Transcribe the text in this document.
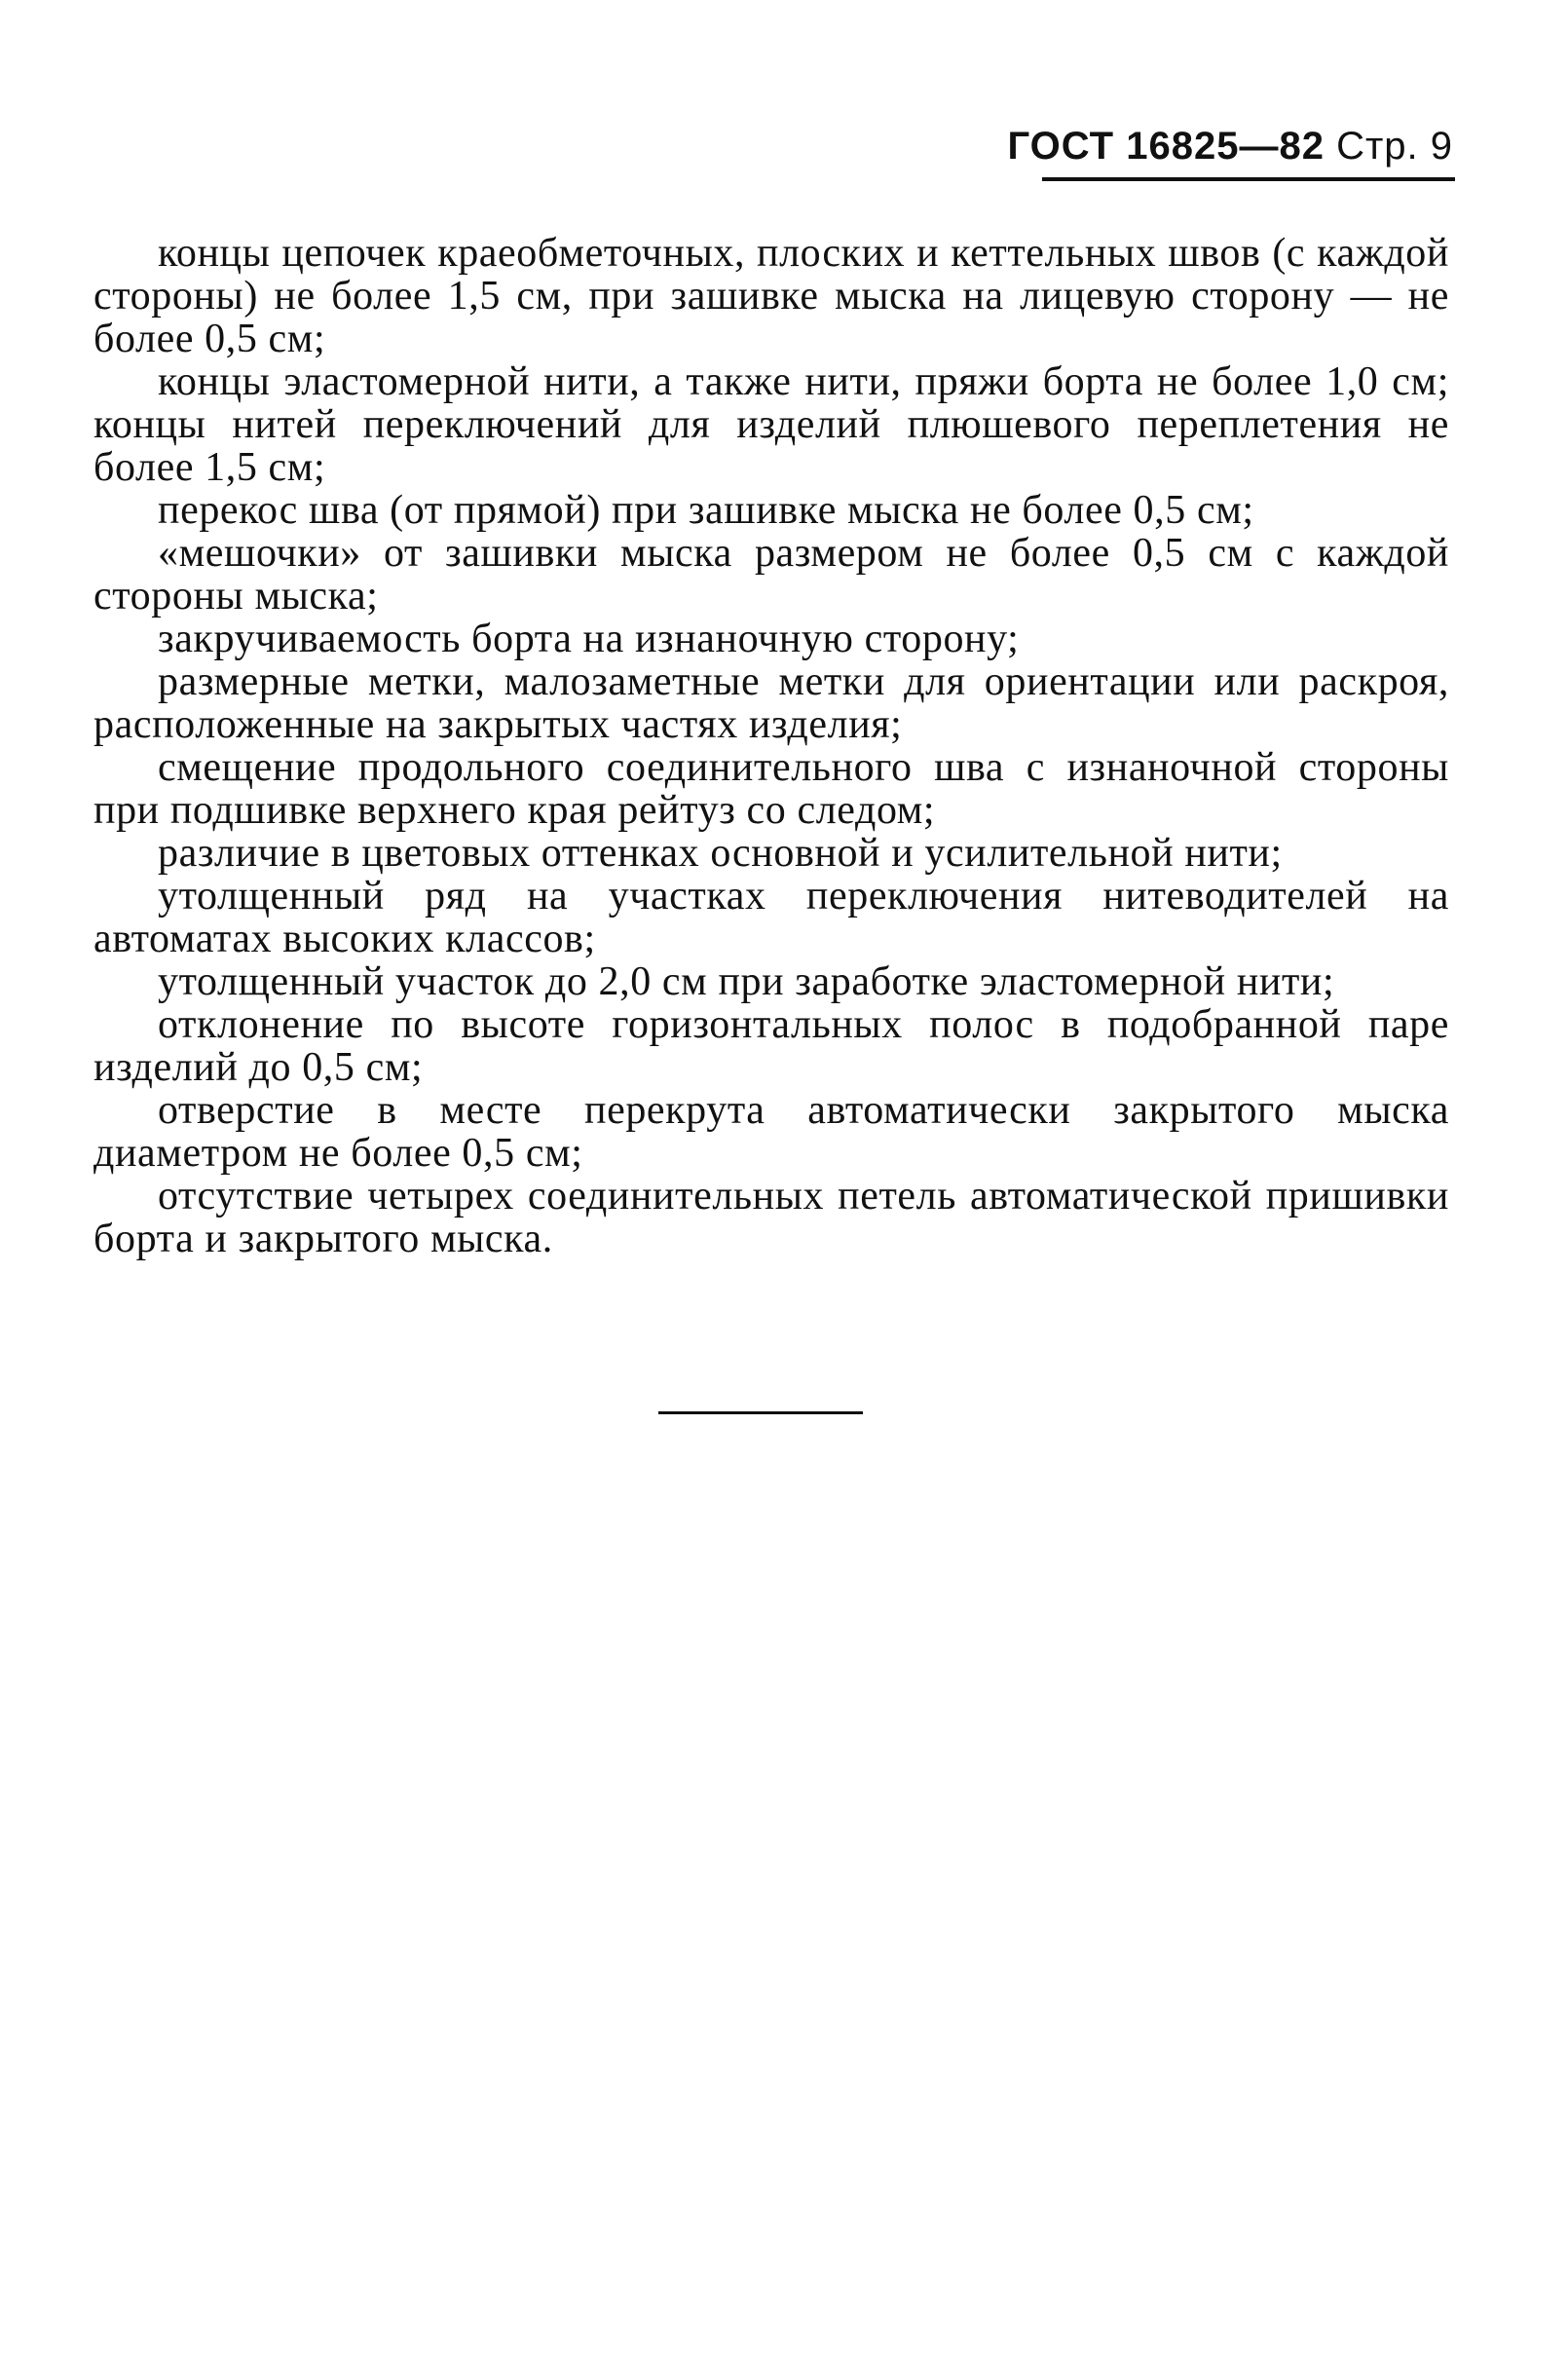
ГОСТ 16825—82 Стр. 9

концы цепочек краеобметочных, плоских и кеттельных швов (с каждой стороны) не более 1,5 см, при зашивке мыска на лицевую сторону — не более 0,5 см;

концы эластомерной нити, а также нити, пряжи борта не более 1,0 см; концы нитей переключений для изделий плюшевого переплетения не более 1,5 см;

перекос шва (от прямой) при зашивке мыска не более 0,5 см;

«мешочки» от зашивки мыска размером не более 0,5 см с каждой стороны мыска;

закручиваемость борта на изнаночную сторону;

размерные метки, малозаметные метки для ориентации или раскроя, расположенные на закрытых частях изделия;

смещение продольного соединительного шва с изнаночной стороны при подшивке верхнего края рейтуз со следом;

различие в цветовых оттенках основной и усилительной нити;

утолщенный ряд на участках переключения нитеводителей на автоматах высоких классов;

утолщенный участок до 2,0 см при заработке эластомерной нити;

отклонение по высоте горизонтальных полос в подобранной паре изделий до 0,5 см;

отверстие в месте перекрута автоматически закрытого мыска диаметром не более 0,5 см;

отсутствие четырех соединительных петель автоматической пришивки борта и закрытого мыска.
